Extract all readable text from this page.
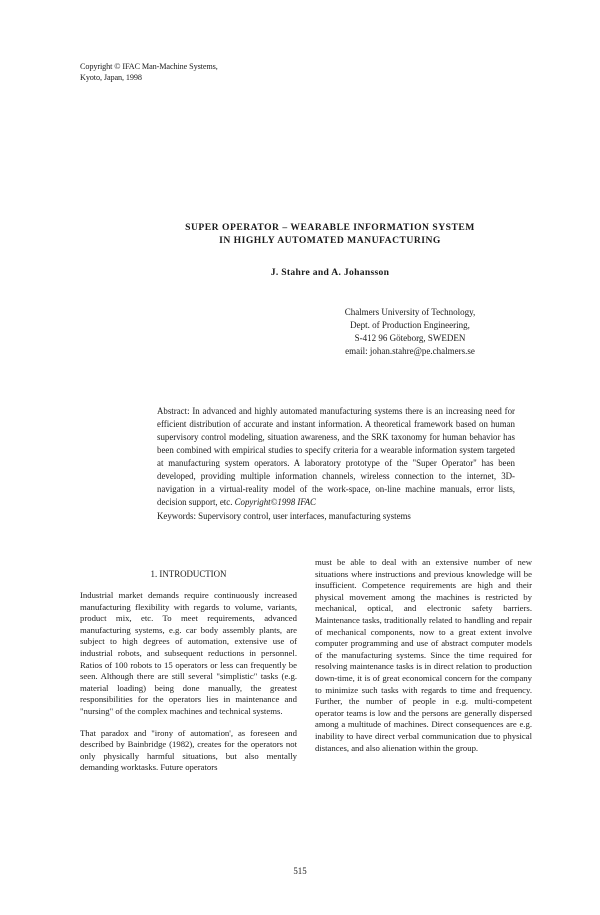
Copyright © IFAC Man-Machine Systems,
Kyoto, Japan, 1998
SUPER OPERATOR – WEARABLE INFORMATION SYSTEM
IN HIGHLY AUTOMATED MANUFACTURING
J. Stahre and A. Johansson
Chalmers University of Technology,
Dept. of Production Engineering,
S-412 96 Göteborg, SWEDEN
email: johan.stahre@pe.chalmers.se
Abstract: In advanced and highly automated manufacturing systems there is an increasing need for efficient distribution of accurate and instant information. A theoretical framework based on human supervisory control modeling, situation awareness, and the SRK taxonomy for human behavior has been combined with empirical studies to specify criteria for a wearable information system targeted at manufacturing system operators. A laboratory prototype of the "Super Operator" has been developed, providing multiple information channels, wireless connection to the internet, 3D-navigation in a virtual-reality model of the work-space, on-line machine manuals, error lists, decision support, etc. Copyright©1998 IFAC
Keywords: Supervisory control, user interfaces, manufacturing systems
1. INTRODUCTION

Industrial market demands require continuously increased manufacturing flexibility with regards to volume, variants, product mix, etc. To meet requirements, advanced manufacturing systems, e.g. car body assembly plants, are subject to high degrees of automation, extensive use of industrial robots, and subsequent reductions in personnel. Ratios of 100 robots to 15 operators or less can frequently be seen. Although there are still several "simplistic" tasks (e.g. material loading) being done manually, the greatest responsibilities for the operators lies in maintenance and "nursing" of the complex machines and technical systems.

That paradox and "irony of automation', as foreseen and described by Bainbridge (1982), creates for the operators not only physically harmful situations, but also mentally demanding worktasks. Future operators

must be able to deal with an extensive number of new situations where instructions and previous knowledge will be insufficient. Competence requirements are high and their physical movement among the machines is restricted by mechanical, optical, and electronic safety barriers. Maintenance tasks, traditionally related to handling and repair of mechanical components, now to a great extent involve computer programming and use of abstract computer models of the manufacturing systems. Since the time required for resolving maintenance tasks is in direct relation to production down-time, it is of great economical concern for the company to minimize such tasks with regards to time and frequency. Further, the number of people in e.g. multi-competent operator teams is low and the persons are generally dispersed among a multitude of machines. Direct consequences are e.g. inability to have direct verbal communication due to physical distances, and also alienation within the group.

515
